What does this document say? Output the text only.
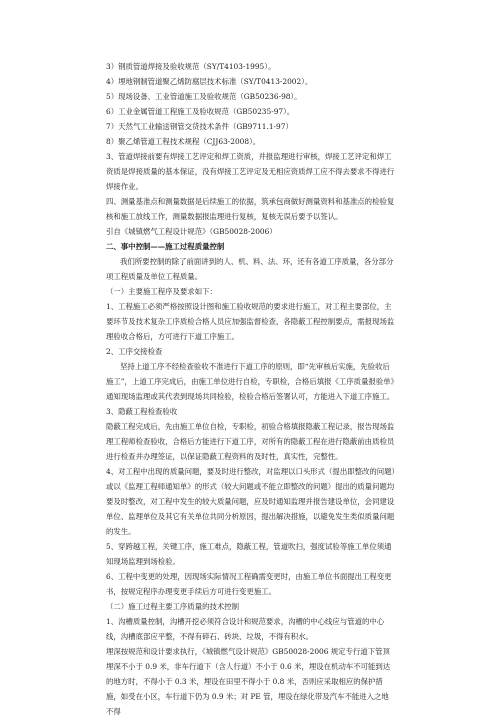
3）钢质管道焊接及验收规范（SY/T4103-1995）。

4）埋地钢制管道聚乙烯防腐层技术标准（SY/T0413-2002）。

5）现场设备、工业管道施工及验收规范（GB50236-98）。

6）工业金属管道工程施工及验收规范（GB50235-97）。

7）天然气工业输送钢管交货技术条件（GB9711.1-97）

8）聚乙烯管道工程技术规程（CJJ63-2008）。

3、管道焊接前要有焊接工艺评定和焊工资质，并报监理进行审核，焊接工艺评定和焊工资质是焊接质量的基本保证，没有焊接工艺评定及无相应资质焊工应不得去要求不得进行焊接作业。

四、测量基准点和测量数据是后续施工的依据，筑承包商做好测量资料和基准点的检验复核和施工放线工作，测量数据报监理进行复核，复核无误后要予以签认。

引自《城镇燃气工程设计规范》（GB50028-2006）

二、事中控制——施工过程质量控制

我们所要控制的除了前面讲到的人、机、料、法、环，还有各道工序质量，各分部分项工程质量及单位工程质量。

（一）主要施工程序及要求如下：

1、工程施工必须严格按照设计图和施工验收规范的要求进行施工，对工程主要部位，主要环节及技术复杂工序质检合格人员应加强监督检查，各隐蔽工程控制要点，需报现场监理验收合格后，方可进行下道工序施工。

2、工序交接检查

坚持上道工序不经检查验收不准进行下道工序的原则，即“先审核后实施，先验收后施工”，上道工序完成后，由施工单位进行自检，专职检，合格后填报《工序质量报验单》通知现场监理或其代表到现场共同检验，检验合格后签署认可，方能进入下道工序施工。

3、隐蔽工程检查验收

隐蔽工程完成后，先由施工单位自检，专职检，初验合格填报隐蔽工程记录，报告现场监理工程师检查验收，合格后方能进行下道工序，对所有的隐蔽工程在进行隐蔽前由质检员进行检查并办理签证，以保证隐蔽工程资料的及时性，真实性，完整性。

4、对工程中出现的质量问题，要及时进行整改，对监理以口头形式（提出即整改的问题）或以《监理工程师通知单》的形式（较大问题或不能立即整改的问题）提出的质量问题均要及时整改，对工程中发生的较大质量问题，应及时通知监理并报告建设单位，会同建设单位、监理单位及其它有关单位共同分析原因，提出解决措施，以避免发生类似质量问题的发生。

5、穿跨越工程，关键工序，施工难点，隐蔽工程，管道吹扫，强度试验等施工单位须通知现场监理到场检验。

6、工程中变更的处理，因现场实际情况工程确需变更时，由施工单位书面提出工程变更书，按规定程序办理变更手续后方可进行变更施工。

（二）施工过程主要工序质量的技术控制

1、沟槽质量控制，沟槽开挖必须符合设计和规范要求，沟槽的中心线应与管道的中心线，沟槽底部应平整，不得有碎石、砖块、垃圾，不得有积水。

埋深按规范和设计要求执行，《城镇燃气设计规范》GB50028-2006 规定专行道下管顶埋深不小于 0.9 米，非车行道下（含人行道）不小于 0.6 米，埋设在机动车不可能到达的地方时，不得小于 0.3 米，埋设在田里不得小于 0.8 米，否则应采取相应的保护措施，如受在小区，车行道下仍为 0.9 米；对 PE 管，埋设在绿化带及汽车不能进入之地不得
